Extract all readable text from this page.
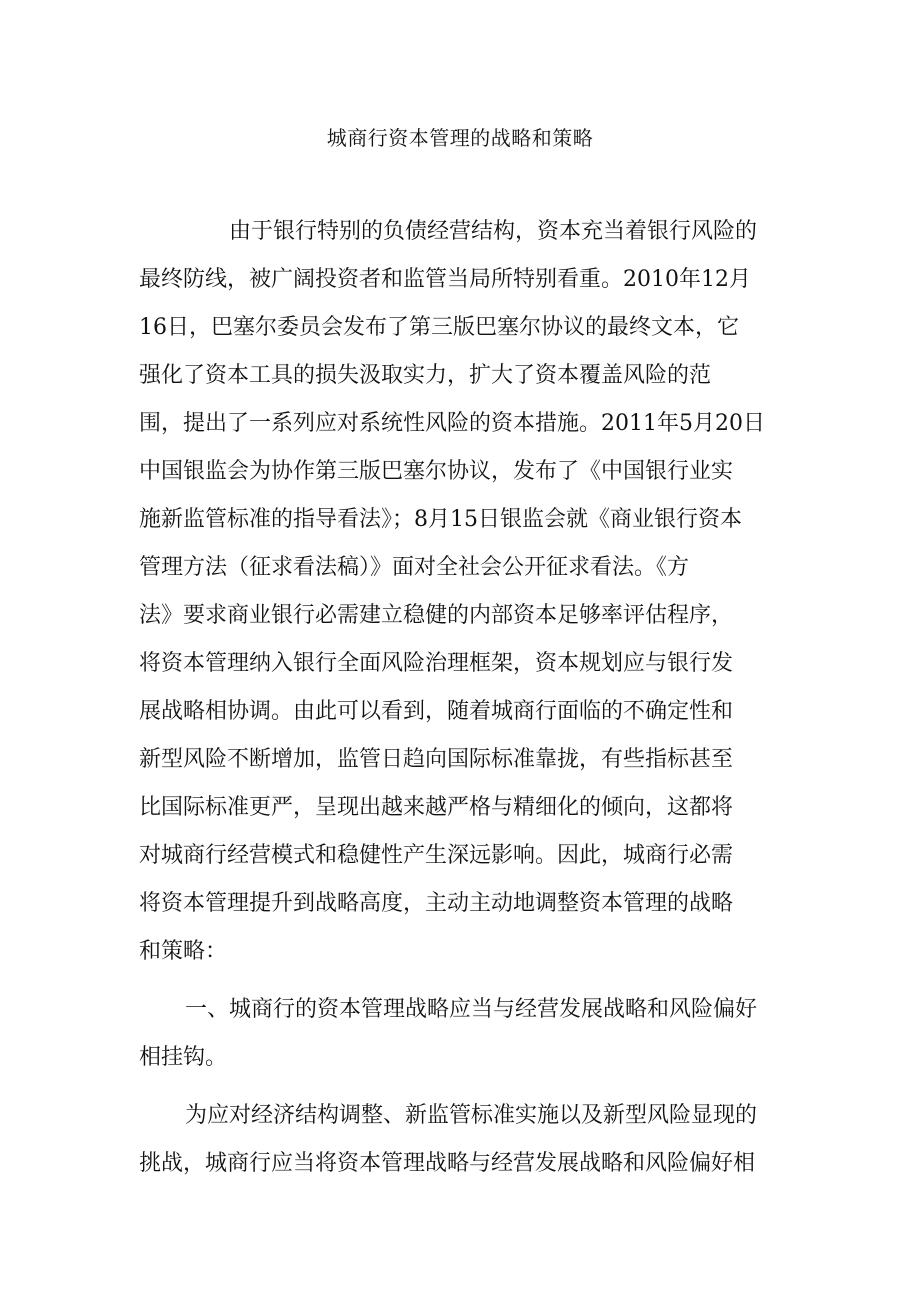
城商行资本管理的战略和策略

由于银行特别的负债经营结构，资本充当着银行风险的

最终防线，被广阔投资者和监管当局所特别看重。2010年12月

16日，巴塞尔委员会发布了第三版巴塞尔协议的最终文本，它

强化了资本工具的损失汲取实力，扩大了资本覆盖风险的范

围，提出了一系列应对系统性风险的资本措施。2011年5月20日

中国银监会为协作第三版巴塞尔协议，发布了《中国银行业实

施新监管标准的指导看法》；8月15日银监会就《商业银行资本

管理方法（征求看法稿）》面对全社会公开征求看法。《方

法》要求商业银行必需建立稳健的内部资本足够率评估程序，

将资本管理纳入银行全面风险治理框架，资本规划应与银行发

展战略相协调。由此可以看到，随着城商行面临的不确定性和

新型风险不断增加，监管日趋向国际标准靠拢，有些指标甚至

比国际标准更严，呈现出越来越严格与精细化的倾向，这都将

对城商行经营模式和稳健性产生深远影响。因此，城商行必需

将资本管理提升到战略高度，主动主动地调整资本管理的战略

和策略：

一、城商行的资本管理战略应当与经营发展战略和风险偏好

相挂钩。

为应对经济结构调整、新监管标准实施以及新型风险显现的

挑战，城商行应当将资本管理战略与经营发展战略和风险偏好相
